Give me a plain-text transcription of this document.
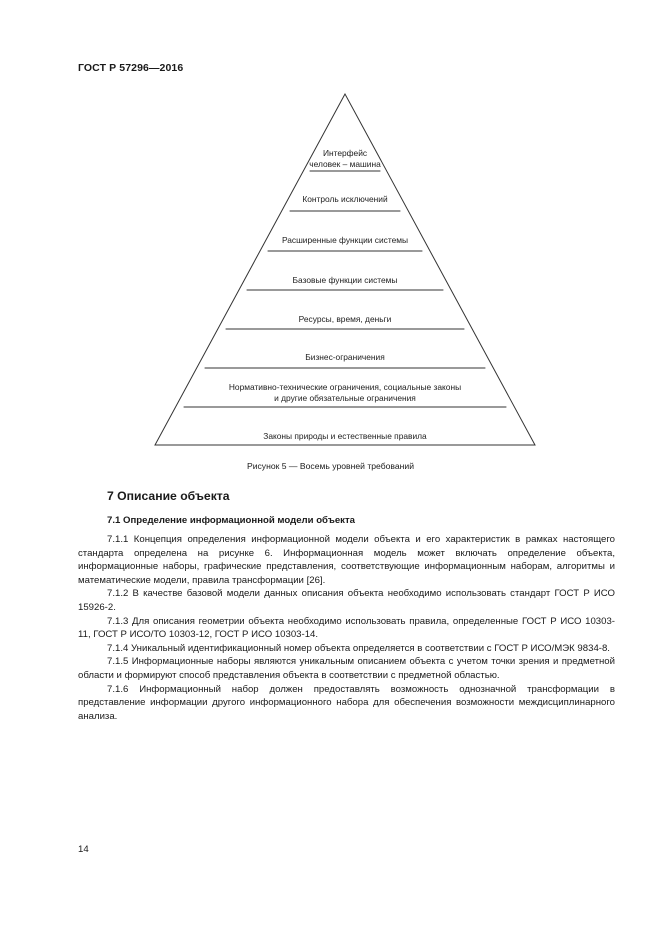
ГОСТ Р 57296—2016
Интерфейс
человек – машина
Контроль исключений
Расширенные функции системы
Базовые функции системы
Ресурсы, время, деньги
Бизнес-ограничения
Нормативно-технические ограничения, социальные законы
и другие обязательные ограничения
Законы природы и естественные правила
Рисунок 5 — Восемь уровней требований
7 Описание объекта
7.1 Определение информационной модели объекта

7.1.1 Концепция определения информационной модели объекта и его характеристик в рамках настоящего стандарта определена на рисунке 6. Информационная модель может включать определение объекта, информационные наборы, графические представления, соответствующие информационным наборам, алгоритмы и математические модели, правила трансформации [26].

7.1.2 В качестве базовой модели данных описания объекта необходимо использовать стандарт ГОСТ Р ИСО 15926-2.

7.1.3 Для описания геометрии объекта необходимо использовать правила, определенные ГОСТ Р ИСО 10303-11, ГОСТ Р ИСО/ТО 10303-12, ГОСТ Р ИСО 10303-14.

7.1.4 Уникальный идентификационный номер объекта определяется в соответствии с ГОСТ Р ИСО/МЭК 9834-8.

7.1.5 Информационные наборы являются уникальным описанием объекта с учетом точки зрения и предметной области и формируют способ представления объекта в соответствии с предметной областью.

7.1.6 Информационный набор должен предоставлять возможность однозначной трансформации в представление информации другого информационного набора для обеспечения возможности междисциплинарного анализа.

14
